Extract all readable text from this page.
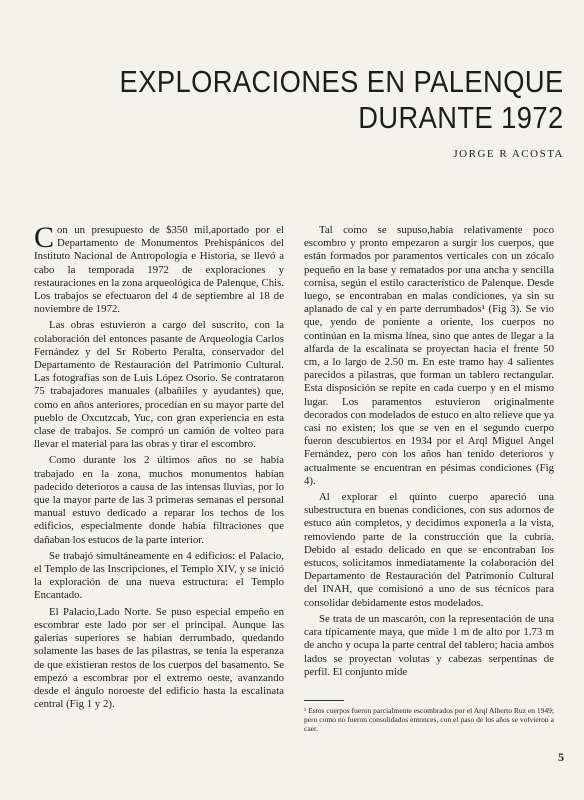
EXPLORACIONES EN PALENQUE
DURANTE 1972
JORGE R ACOSTA

Con un presupuesto de $350 mil,aportado por el Departamento de Monumentos Prehispánicos del Instituto Nacional de Antropología e Historia, se llevó a cabo la temporada 1972 de exploraciones y restauraciones en la zona arqueológica de Palenque, Chis. Los trabajos se efectuaron del 4 de septiembre al 18 de noviembre de 1972.

Las obras estuvieron a cargo del suscrito, con la colaboración del entonces pasante de Arqueología Carlos Fernández y del Sr Roberto Peralta, conservador del Departamento de Restauración del Patrimonio Cultural. Las fotografías son de Luis López Osorio. Se contrataron 75 trabajadores manuales (albañiles y ayudantes) que, como en años anteriores, procedían en su mayor parte del pueblo de Oxcutzcab, Yuc, con gran experiencia en esta clase de trabajos. Se compró un camión de volteo para llevar el material para las obras y tirar el escombro.

Como durante los 2 últimos años no se había trabajado en la zona, muchos monumentos habían padecido deterioros a causa de las intensas lluvias, por lo que la mayor parte de las 3 primeras semanas el personal manual estuvo dedicado a reparar los techos de los edificios, especialmente donde había filtraciones que dañaban los estucos de la parte interior.

Se trabajó simultáneamente en 4 edificios: el Palacio, el Templo de las Inscripciones, el Templo XIV, y se inició la exploración de una nueva estructura: el Templo Encantado.

El Palacio,Lado Norte. Se puso especial empeño en escombrar este lado por ser el principal. Aunque las galerías superiores se habían derrumbado, quedando solamente las bases de las pilastras, se tenía la esperanza de que existieran restos de los cuerpos del basamento. Se empezó a escombrar por el extremo oeste, avanzando desde el ángulo noroeste del edificio hasta la escalinata central (Fig 1 y 2).

Tal como se supuso,había relativamente poco escombro y pronto empezaron a surgir los cuerpos, que están formados por paramentos verticales con un zócalo pequeño en la base y rematados por una ancha y sencilla cornisa, según el estilo característico de Palenque. Desde luego, se encontraban en malas condiciones, ya sin su aplanado de cal y en parte derrumbados¹ (Fig 3). Se vio que, yendo de poniente a oriente, los cuerpos no continúan en la misma línea, sino que antes de llegar a la alfarda de la escalinata se proyectan hacia el frente 50 cm, a lo largo de 2.50 m. En este tramo hay 4 salientes parecidos a pilastras, que forman un tablero rectangular. Esta disposición se repite en cada cuerpo y en el mismo lugar. Los paramentos estuvieron originalmente decorados con modelados de estuco en alto relieve que ya casi no existen; los que se ven en el segundo cuerpo fueron descubiertos en 1934 por el Arql Miguel Angel Fernández, pero con los años han tenido deterioros y actualmente se encuentran en pésimas condiciones (Fig 4).

Al explorar el quinto cuerpo apareció una subestructura en buenas condiciones, con sus adornos de estuco aún completos, y decidimos exponerla a la vista, removiendo parte de la construcción que la cubría. Debido al estado delicado en que se encontraban los estucos, solicitamos inmediatamente la colaboración del Departamento de Restauración del Patrimonio Cultural del INAH, que comisionó a uno de sus técnicos para consolidar debidamente estos modelados.

Se trata de un mascarón, con la representación de una cara típicamente maya, que mide 1 m de alto por 1.73 m de ancho y ocupa la parte central del tablero; hacia ambos lados se proyectan volutas y cabezas serpentinas de perfil. El conjunto mide

¹ Estos cuerpos fueron parcialmente escombrados por el Arql Alberto Ruz en 1949; pero como no fueron consolidados entonces, con el paso de los años se volvieron a caer.
5
